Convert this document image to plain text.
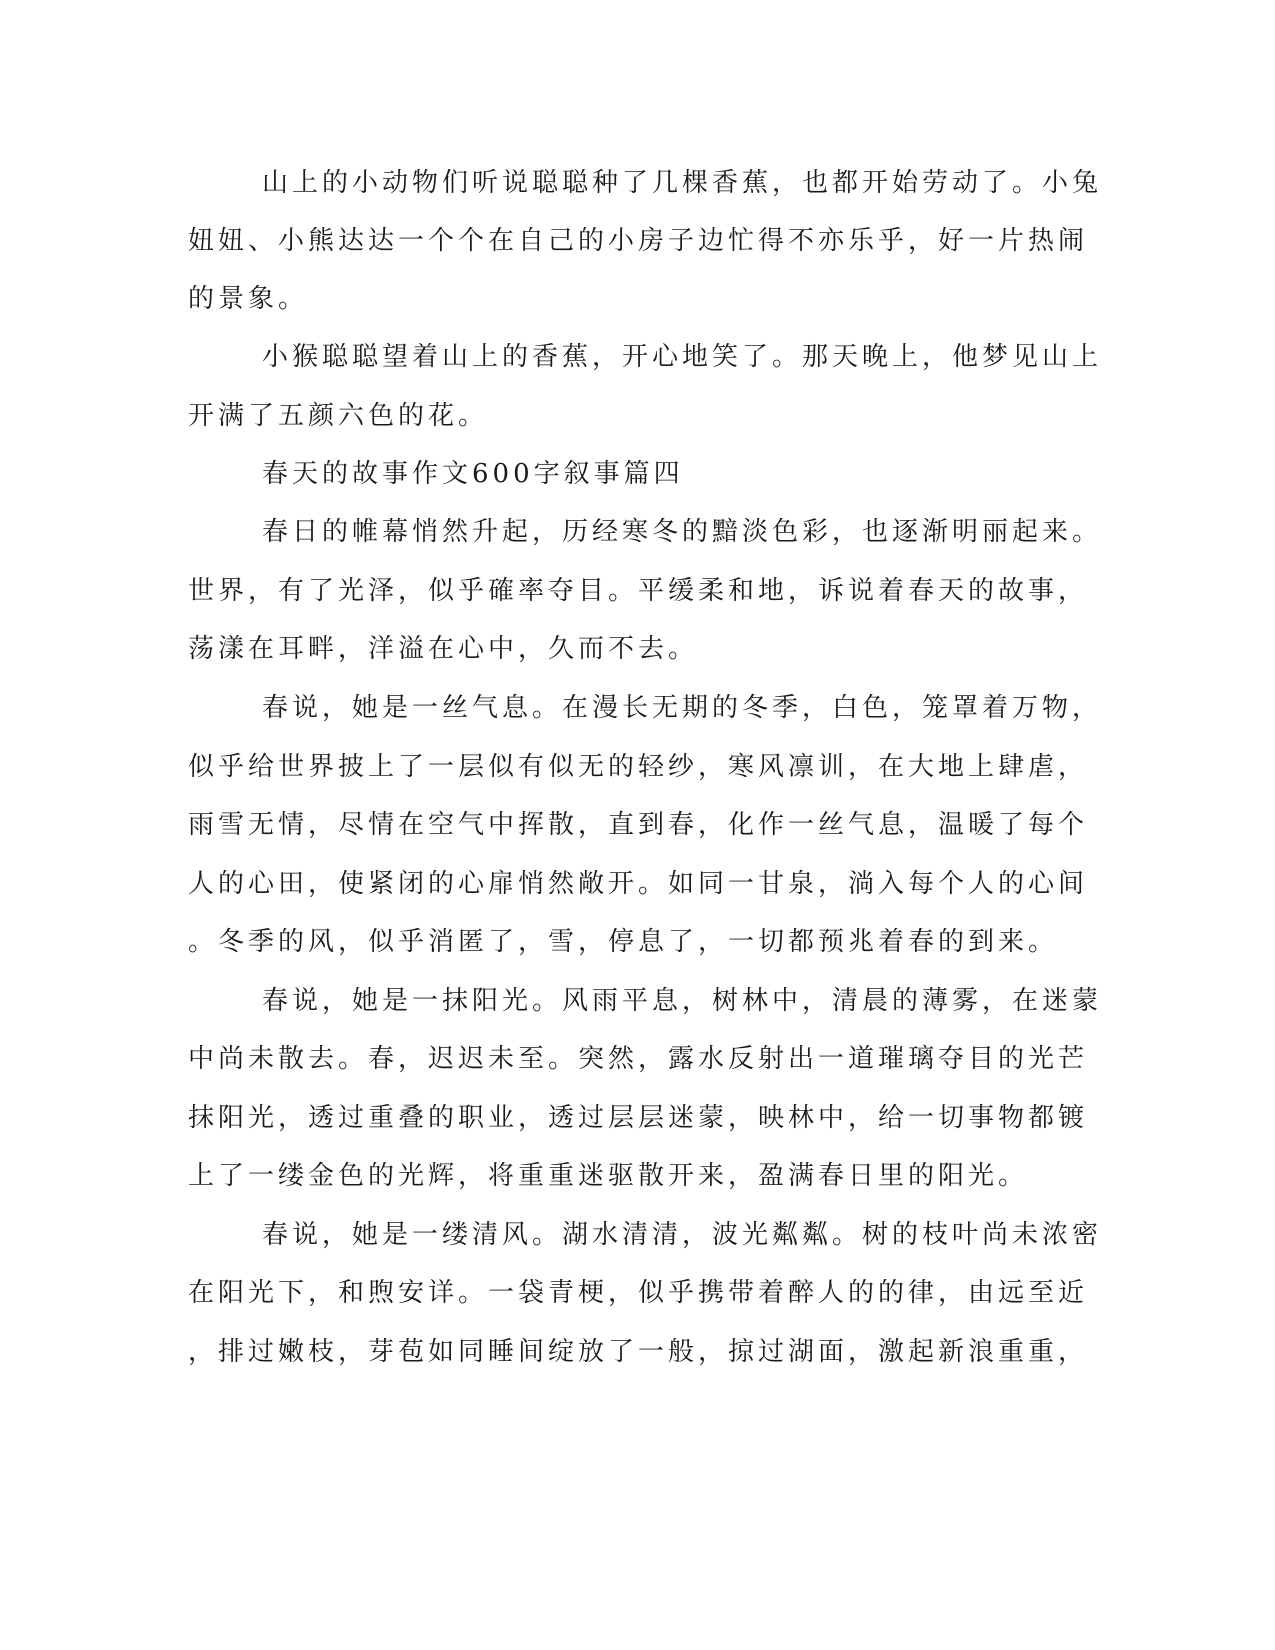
山上的小动物们听说聪聪种了几棵香蕉，也都开始劳动了。小兔

妞妞、小熊达达一个个在自己的小房子边忙得不亦乐乎，好一片热闹

的景象。

小猴聪聪望着山上的香蕉，开心地笑了。那天晚上，他梦见山上

开满了五颜六色的花。

春天的故事作文600字叙事篇四

春日的帷幕悄然升起，历经寒冬的黯淡色彩，也逐渐明丽起来。

世界，有了光泽，似乎確率夺目。平缓柔和地，诉说着春天的故事，

荡漾在耳畔，洋溢在心中，久而不去。

春说，她是一丝气息。在漫长无期的冬季，白色，笼罩着万物，

似乎给世界披上了一层似有似无的轻纱，寒风凛训，在大地上肆虐，

雨雪无情，尽情在空气中挥散，直到春，化作一丝气息，温暖了每个

人的心田，使紧闭的心扉悄然敞开。如同一甘泉，淌入每个人的心间

。冬季的风，似乎消匿了，雪，停息了，一切都预兆着春的到来。

春说，她是一抹阳光。风雨平息，树林中，清晨的薄雾，在迷蒙

中尚未散去。春，迟迟未至。突然，露水反射出一道璀璃夺目的光芒

抹阳光，透过重叠的职业，透过层层迷蒙，映林中，给一切事物都镀

上了一缕金色的光辉，将重重迷驱散开来，盈满春日里的阳光。

春说，她是一缕清风。湖水清清，波光粼粼。树的枝叶尚未浓密

在阳光下，和煦安详。一袋青梗，似乎携带着醉人的的律，由远至近

，排过嫩枝，芽苞如同睡间绽放了一般，掠过湖面，激起新浪重重，
